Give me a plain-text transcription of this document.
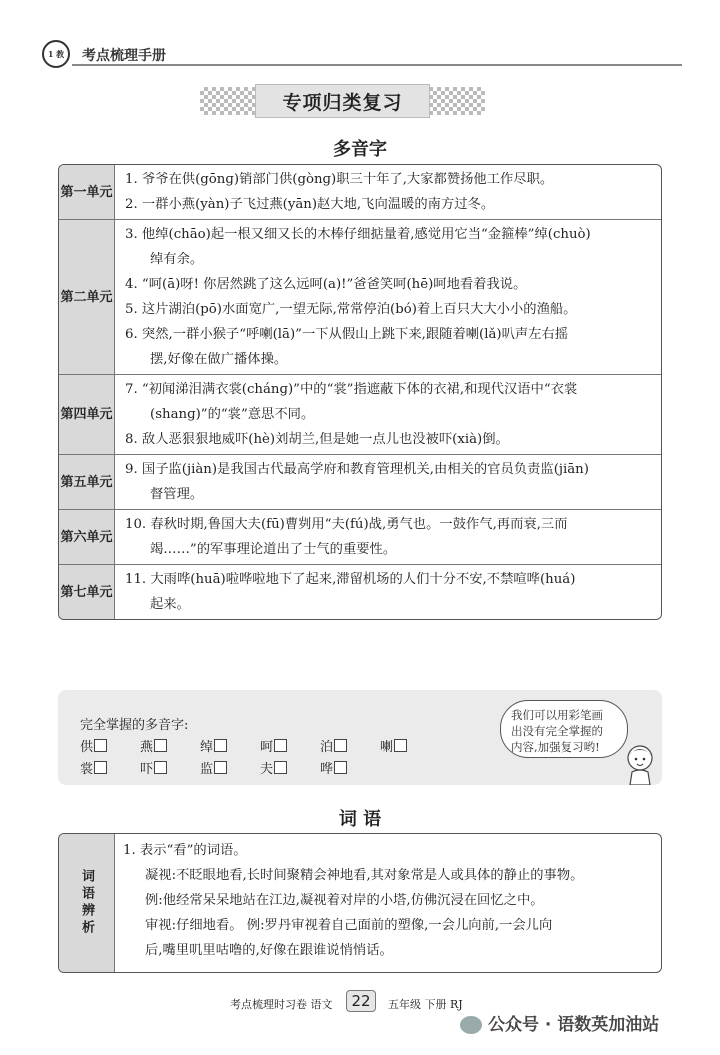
1 教	考点梳理手册
专项归类复习
多音字
第一 单元
1. 爷爷在供(gōnɡ)销部门供(gònɡ)职三十年了,大家都赞扬他工作尽职。
2. 一群小燕(yàn)子飞过燕(yān)赵大地,飞向温暖的南方过冬。
第二 单元
3. 他绰(chāo)起一根又细又长的木棒仔细掂量着,感觉用它当“金箍棒”绰(chuò)
绰有余。
4. “呵(ā)呀! 你居然跳了这么远呵(a)!”爸爸笑呵(hē)呵地看着我说。
5. 这片湖泊(pō)水面宽广,一望无际,常常停泊(bó)着上百只大大小小的渔船。
6. 突然,一群小猴子“呼喇(lā)”一下从假山上跳下来,跟随着喇(lǎ)叭声左右摇
摆,好像在做广播体操。
第四 单元
7. “初闻涕泪满衣裳(chánɡ)”中的“裳”指遮蔽下体的衣裙,和现代汉语中“衣裳
(shanɡ)”的“裳”意思不同。
8. 敌人恶狠狠地威吓(hè)刘胡兰,但是她一点儿也没被吓(xià)倒。
第五 单元
9. 国子监(jiàn)是我国古代最高学府和教育管理机关,由相关的官员负责监(jiān)
督管理。
第六 单元
10. 春秋时期,鲁国大夫(fū)曹刿用“夫(fú)战,勇气也。一鼓作气,再而衰,三而
竭……”的军事理论道出了士气的重要性。
第七 单元
11. 大雨哗(huā)啦哗啦地下了起来,滞留机场的人们十分不安,不禁喧哗(huá)
起来。
完全掌握的多音字:
供	燕	绰	呵	泊	喇
裳	吓	监	夫	哗
我们可以用彩笔画
出没有完全掌握的
内容,加强复习哟!
词 语
词语辨析
1. 表示“看”的词语。
凝视:不眨眼地看,长时间聚精会神地看,其对象常是人或具体的静止的事物。
例:他经常呆呆地站在江边,凝视着对岸的小塔,仿佛沉浸在回忆之中。
审视:仔细地看。 例:罗丹审视着自己面前的塑像,一会儿向前,一会儿向
后,嘴里叽里咕噜的,好像在跟谁说悄悄话。
考点梳理时习卷 语文	22	五年级 下册 RJ
公众号 · 语数英加油站
